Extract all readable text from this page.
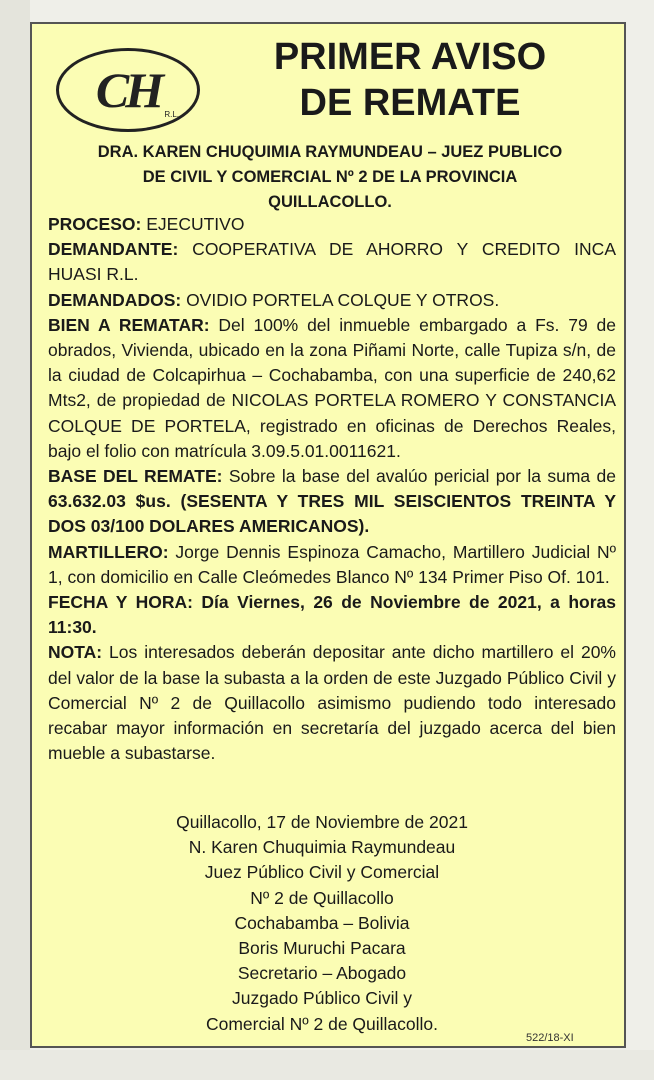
CH R.L.
PRIMER AVISO
DE REMATE
DRA. KAREN CHUQUIMIA RAYMUNDEAU – JUEZ PUBLICO
DE CIVIL Y COMERCIAL Nº 2 DE LA PROVINCIA
QUILLACOLLO.

PROCESO: EJECUTIVO

DEMANDANTE: COOPERATIVA DE AHORRO Y CREDITO INCA HUASI R.L.

DEMANDADOS: OVIDIO PORTELA COLQUE Y OTROS.

BIEN A REMATAR: Del 100% del inmueble embargado a Fs. 79 de obrados, Vivienda, ubicado en la zona Piñami Norte, calle Tupiza s/n, de la ciudad de Colcapirhua – Cochabamba, con una superficie de 240,62 Mts2, de propiedad de NICOLAS PORTELA ROMERO Y CONSTANCIA COLQUE DE PORTELA, registrado en oficinas de Derechos Reales, bajo el folio con matrícula 3.09.5.01.0011621.

BASE DEL REMATE: Sobre la base del avalúo pericial por la suma de 63.632.03 $us. (SESENTA Y TRES MIL SEISCIENTOS TREINTA Y DOS 03/100 DOLARES AMERICANOS).

MARTILLERO: Jorge Dennis Espinoza Camacho, Martillero Judicial Nº 1, con domicilio en Calle Cleómedes Blanco Nº 134 Primer Piso Of. 101.

FECHA Y HORA: Día Viernes, 26 de Noviembre de 2021, a horas 11:30.

NOTA: Los interesados deberán depositar ante dicho martillero el 20% del valor de la base la subasta a la orden de este Juzgado Público Civil y Comercial Nº 2 de Quillacollo asimismo pudiendo todo interesado recabar mayor información en secretaría del juzgado acerca del bien mueble a subastarse.

Quillacollo, 17 de Noviembre de 2021
N. Karen Chuquimia Raymundeau
Juez Público Civil y Comercial
Nº 2 de Quillacollo
Cochabamba – Bolivia
Boris Muruchi Pacara
Secretario – Abogado
Juzgado Público Civil y
Comercial Nº 2 de Quillacollo.
522/18-XI
